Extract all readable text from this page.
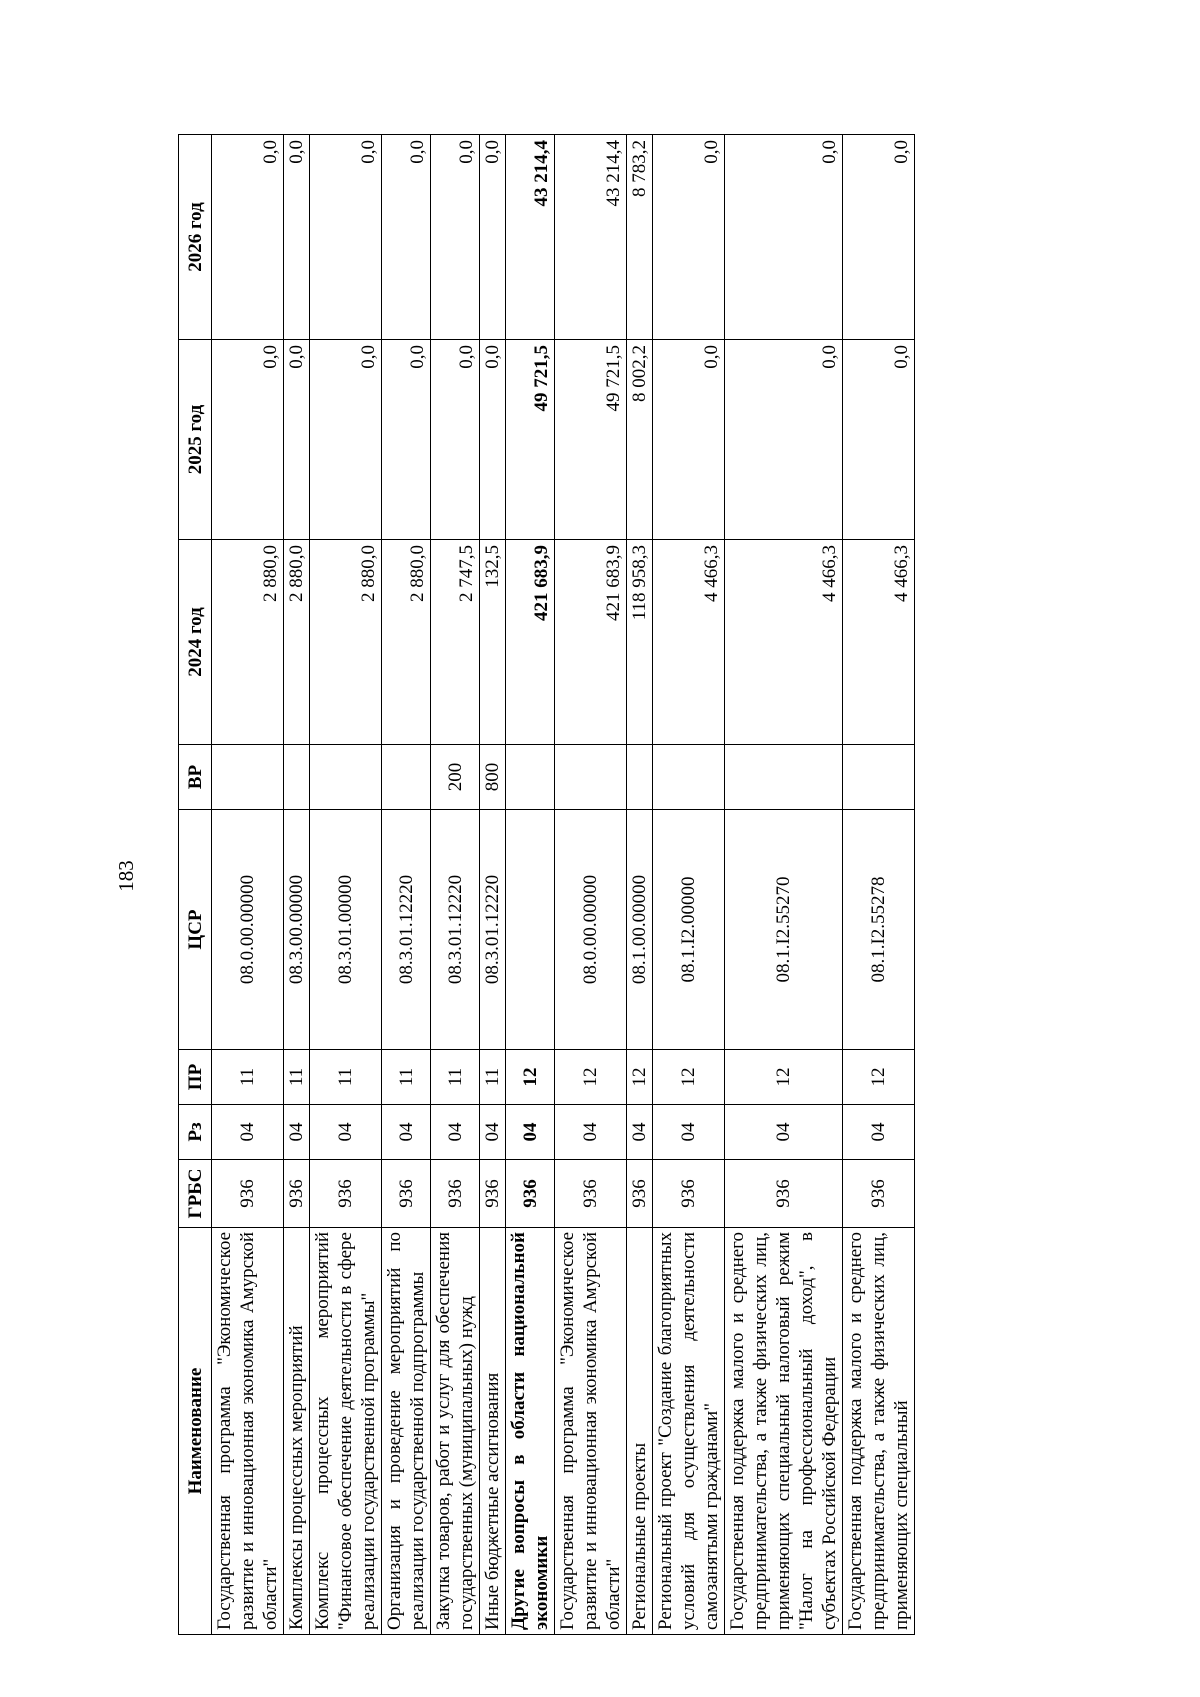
183
Наименование	ГРБС	Рз	ПР	ЦСР	ВР	2024 год	2025 год	2026 год
Государственная программа "Экономическое развитие и инновационная экономика Амурской области"	936	04	11	08.0.00.00000		2 880,0	0,0	0,0
Комплексы процессных мероприятий	936	04	11	08.3.00.00000		2 880,0	0,0	0,0
Комплекс процессных мероприятий "Финансовое обеспечение деятельности в сфере реализации государственной программы"	936	04	11	08.3.01.00000		2 880,0	0,0	0,0
Организация и проведение мероприятий по реализации государственной подпрограммы	936	04	11	08.3.01.12220		2 880,0	0,0	0,0
Закупка товаров, работ и услуг для обеспечения государственных (муниципальных) нужд	936	04	11	08.3.01.12220	200	2 747,5	0,0	0,0
Иные бюджетные ассигнования	936	04	11	08.3.01.12220	800	132,5	0,0	0,0
Другие вопросы в области национальной экономики	936	04	12			421 683,9	49 721,5	43 214,4
Государственная программа "Экономическое развитие и инновационная экономика Амурской области"	936	04	12	08.0.00.00000		421 683,9	49 721,5	43 214,4
Региональные проекты	936	04	12	08.1.00.00000		118 958,3	8 002,2	8 783,2
Региональный проект "Создание благоприятных условий для осуществления деятельности самозанятыми гражданами"	936	04	12	08.1.I2.00000		4 466,3	0,0	0,0
Государственная поддержка малого и среднего предпринимательства, а также физических лиц, применяющих специальный налоговый режим "Налог на профессиональный доход", в субъектах Российской Федерации	936	04	12	08.1.I2.55270		4 466,3	0,0	0,0
Государственная поддержка малого и среднего предпринимательства, а также физических лиц, применяющих специальный	936	04	12	08.1.I2.55278		4 466,3	0,0	0,0
